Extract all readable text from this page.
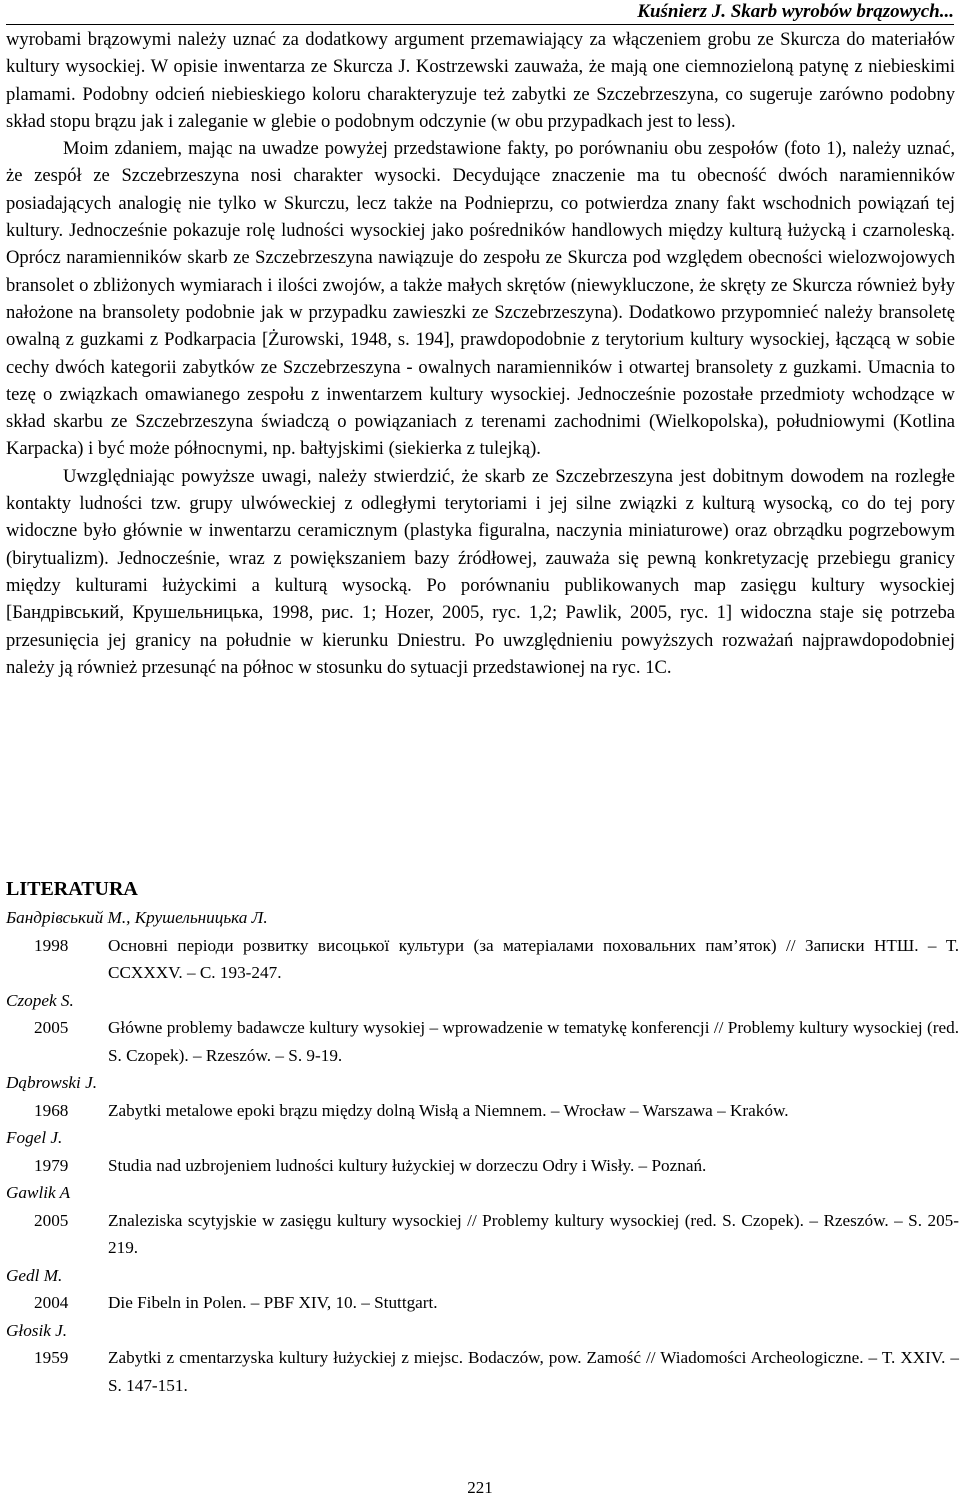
Kuśnierz J. Skarb wyrobów brązowych...

wyrobami brązowymi należy uznać za dodatkowy argument przemawiający za włączeniem grobu ze Skurcza do materiałów kultury wysockiej. W opisie inwentarza ze Skurcza J. Kostrzewski zauważa, że mają one ciemnozieloną patynę z niebieskimi plamami. Podobny odcień niebieskiego koloru charakteryzuje też zabytki ze Szczebrzeszyna, co sugeruje zarówno podobny skład stopu brązu jak i zaleganie w glebie o podobnym odczynie (w obu przypadkach jest to less).

Moim zdaniem, mając na uwadze powyżej przedstawione fakty, po porównaniu obu zespołów (foto 1), należy uznać, że zespół ze Szczebrzeszyna nosi charakter wysocki. Decydujące znaczenie ma tu obecność dwóch naramienników posiadających analogię nie tylko w Skurczu, lecz także na Podnieprzu, co potwierdza znany fakt wschodnich powiązań tej kultury. Jednocześnie pokazuje rolę ludności wysockiej jako pośredników handlowych między kulturą łużycką i czarnoleską. Oprócz naramienników skarb ze Szczebrzeszyna nawiązuje do zespołu ze Skurcza pod względem obecności wielozwojowych bransolet o zbliżonych wymiarach i ilości zwojów, a także małych skrętów (niewykluczone, że skręty ze Skurcza również były nałożone na bransolety podobnie jak w przypadku zawieszki ze Szczebrzeszyna). Dodatkowo przypomnieć należy bransoletę owalną z guzkami z Podkarpacia [Żurowski, 1948, s. 194], prawdopodobnie z terytorium kultury wysockiej, łączącą w sobie cechy dwóch kategorii zabytków ze Szczebrzeszyna - owalnych naramienników i otwartej bransolety z guzkami. Umacnia to tezę o związkach omawianego zespołu z inwentarzem kultury wysockiej. Jednocześnie pozostałe przedmioty wchodzące w skład skarbu ze Szczebrzeszyna świadczą o powiązaniach z terenami zachodnimi (Wielkopolska), południowymi (Kotlina Karpacka) i być może północnymi, np. bałtyjskimi (siekierka z tulejką).

Uwzględniając powyższe uwagi, należy stwierdzić, że skarb ze Szczebrzeszyna jest dobitnym dowodem na rozległe kontakty ludności tzw. grupy ulwóweckiej z odległymi terytoriami i jej silne związki z kulturą wysocką, co do tej pory widoczne było głównie w inwentarzu ceramicznym (plastyka figuralna, naczynia miniaturowe) oraz obrządku pogrzebowym (birytualizm). Jednocześnie, wraz z powiększaniem bazy źródłowej, zauważa się pewną konkretyzację przebiegu granicy między kulturami łużyckimi a kulturą wysocką. Po porównaniu publikowanych map zasięgu kultury wysockiej [Бандрівський, Крушельницька, 1998, рис. 1; Hozer, 2005, ryc. 1,2; Pawlik, 2005, ryc. 1] widoczna staje się potrzeba przesunięcia jej granicy na południe w kierunku Dniestru. Po uwzględnieniu powyższych rozważań najprawdopodobniej należy ją również przesunąć na północ w stosunku do sytuacji przedstawionej na ryc. 1C.

LITERATURA
Бандрівський М., Крушельницька Л.
1998	Основні періоди розвитку висоцької культури (за матеріалами поховальних пам’яток) // Записки НТШ. – Т. CCXXXV. – С. 193-247.
Czopek S.
2005	Główne problemy badawcze kultury wysokiej – wprowadzenie w tematykę konferencji // Problemy kultury wysockiej (red. S. Czopek). – Rzeszów. – S. 9-19.
Dąbrowski J.
1968	Zabytki metalowe epoki brązu między dolną Wisłą a Niemnem. – Wrocław – Warszawa – Kraków.
Fogel J.
1979	Studia nad uzbrojeniem ludności kultury łużyckiej w dorzeczu Odry i Wisły. – Poznań.
Gawlik A
2005	Znaleziska scytyjskie w zasięgu kultury wysockiej // Problemy kultury wysockiej (red. S. Czopek). – Rzeszów. – S. 205-219.
Gedl M.
2004	Die Fibeln in Polen. – PBF XIV, 10. – Stuttgart.
Głosik J.
1959	Zabytki z cmentarzyska kultury łużyckiej z miejsc. Bodaczów, pow. Zamość // Wiadomości Archeologiczne. – T. XXIV. – S. 147-151.
221
